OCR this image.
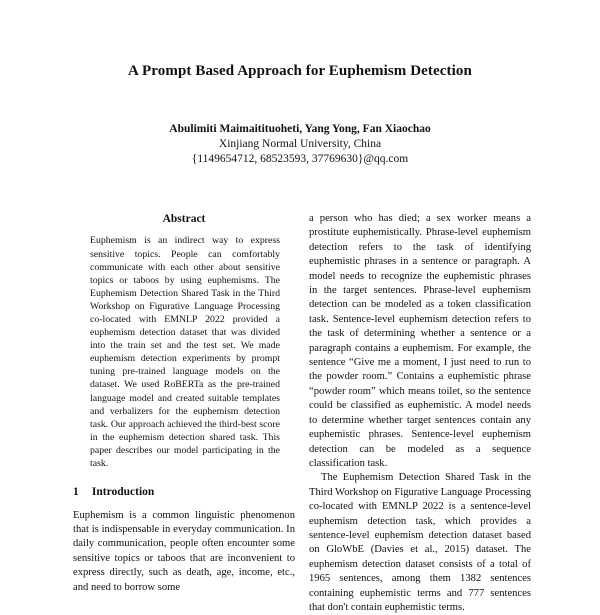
A Prompt Based Approach for Euphemism Detection
Abulimiti Maimaitituoheti, Yang Yong, Fan Xiaochao
Xinjiang Normal University, China
{1149654712, 68523593, 37769630}@qq.com
Abstract

Euphemism is an indirect way to express sensitive topics. People can comfortably communicate with each other about sensitive topics or taboos by using euphemisms. The Euphemism Detection Shared Task in the Third Workshop on Figurative Language Processing co-located with EMNLP 2022 provided a euphemism detection dataset that was divided into the train set and the test set. We made euphemism detection experiments by prompt tuning pre-trained language models on the dataset. We used RoBERTa as the pre-trained language model and created suitable templates and verbalizers for the euphemism detection task. Our approach achieved the third-best score in the euphemism detection shared task. This paper describes our model participating in the task.

1 Introduction

Euphemism is a common linguistic phenomenon that is indispensable in everyday communication. In daily communication, people often encounter some sensitive topics or taboos that are inconvenient to express directly, such as death, age, income, etc., and need to borrow some

a person who has died; a sex worker means a prostitute euphemistically. Phrase-level euphemism detection refers to the task of identifying euphemistic phrases in a sentence or paragraph. A model needs to recognize the euphemistic phrases in the target sentences. Phrase-level euphemism detection can be modeled as a token classification task. Sentence-level euphemism detection refers to the task of determining whether a sentence or a paragraph contains a euphemism. For example, the sentence “Give me a moment, I just need to run to the powder room.” Contains a euphemistic phrase “powder room” which means toilet, so the sentence could be classified as euphemistic. A model needs to determine whether target sentences contain any euphemistic phrases. Sentence-level euphemism detection can be modeled as a sequence classification task.

The Euphemism Detection Shared Task in the Third Workshop on Figurative Language Processing co-located with EMNLP 2022 is a sentence-level euphemism detection task, which provides a sentence-level euphemism detection dataset based on GloWbE (Davies et al., 2015) dataset. The euphemism detection dataset consists of a total of 1965 sentences, among them 1382 sentences containing euphemistic terms and 777 sentences that don't contain euphemistic terms.
